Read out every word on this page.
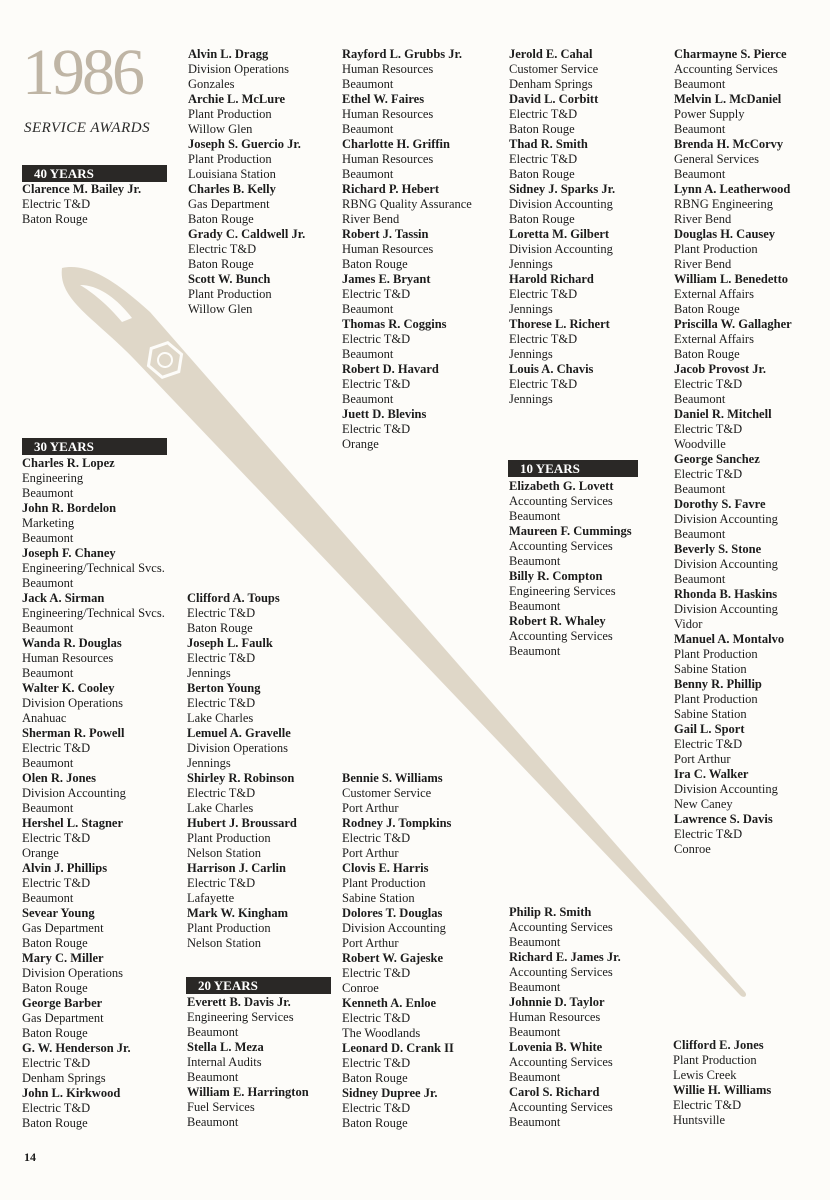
1986
SERVICE AWARDS
40 YEARS
30 YEARS
20 YEARS
10 YEARS
Clarence M. Bailey Jr.
Electric T&D
Baton Rouge
Alvin L. Dragg
Division Operations
Gonzales
Archie L. McLure
Plant Production
Willow Glen
Joseph S. Guercio Jr.
Plant Production
Louisiana Station
Charles B. Kelly
Gas Department
Baton Rouge
Grady C. Caldwell Jr.
Electric T&D
Baton Rouge
Scott W. Bunch
Plant Production
Willow Glen
Rayford L. Grubbs Jr.
Human Resources
Beaumont
Ethel W. Faires
Human Resources
Beaumont
Charlotte H. Griffin
Human Resources
Beaumont
Richard P. Hebert
RBNG Quality Assurance
River Bend
Robert J. Tassin
Human Resources
Baton Rouge
James E. Bryant
Electric T&D
Beaumont
Thomas R. Coggins
Electric T&D
Beaumont
Robert D. Havard
Electric T&D
Beaumont
Juett D. Blevins
Electric T&D
Orange
Jerold E. Cahal
Customer Service
Denham Springs
David L. Corbitt
Electric T&D
Baton Rouge
Thad R. Smith
Electric T&D
Baton Rouge
Sidney J. Sparks Jr.
Division Accounting
Baton Rouge
Loretta M. Gilbert
Division Accounting
Jennings
Harold Richard
Electric T&D
Jennings
Thorese L. Richert
Electric T&D
Jennings
Louis A. Chavis
Electric T&D
Jennings
Charmayne S. Pierce
Accounting Services
Beaumont
Melvin L. McDaniel
Power Supply
Beaumont
Brenda H. McCorvy
General Services
Beaumont
Lynn A. Leatherwood
RBNG Engineering
River Bend
Douglas H. Causey
Plant Production
River Bend
William L. Benedetto
External Affairs
Baton Rouge
Priscilla W. Gallagher
External Affairs
Baton Rouge
Jacob Provost Jr.
Electric T&D
Beaumont
Daniel R. Mitchell
Electric T&D
Woodville
George Sanchez
Electric T&D
Beaumont
Dorothy S. Favre
Division Accounting
Beaumont
Beverly S. Stone
Division Accounting
Beaumont
Rhonda B. Haskins
Division Accounting
Vidor
Manuel A. Montalvo
Plant Production
Sabine Station
Benny R. Phillip
Plant Production
Sabine Station
Gail L. Sport
Electric T&D
Port Arthur
Ira C. Walker
Division Accounting
New Caney
Lawrence S. Davis
Electric T&D
Conroe
Charles R. Lopez
Engineering
Beaumont
John R. Bordelon
Marketing
Beaumont
Joseph F. Chaney
Engineering/Technical Svcs.
Beaumont
Jack A. Sirman
Engineering/Technical Svcs.
Beaumont
Wanda R. Douglas
Human Resources
Beaumont
Walter K. Cooley
Division Operations
Anahuac
Sherman R. Powell
Electric T&D
Beaumont
Olen R. Jones
Division Accounting
Beaumont
Hershel L. Stagner
Electric T&D
Orange
Alvin J. Phillips
Electric T&D
Beaumont
Sevear Young
Gas Department
Baton Rouge
Mary C. Miller
Division Operations
Baton Rouge
George Barber
Gas Department
Baton Rouge
G. W. Henderson Jr.
Electric T&D
Denham Springs
John L. Kirkwood
Electric T&D
Baton Rouge
Clifford A. Toups
Electric T&D
Baton Rouge
Joseph L. Faulk
Electric T&D
Jennings
Berton Young
Electric T&D
Lake Charles
Lemuel A. Gravelle
Division Operations
Jennings
Shirley R. Robinson
Electric T&D
Lake Charles
Hubert J. Broussard
Plant Production
Nelson Station
Harrison J. Carlin
Electric T&D
Lafayette
Mark W. Kingham
Plant Production
Nelson Station
Everett B. Davis Jr.
Engineering Services
Beaumont
Stella L. Meza
Internal Audits
Beaumont
William E. Harrington
Fuel Services
Beaumont
Bennie S. Williams
Customer Service
Port Arthur
Rodney J. Tompkins
Electric T&D
Port Arthur
Clovis E. Harris
Plant Production
Sabine Station
Dolores T. Douglas
Division Accounting
Port Arthur
Robert W. Gajeske
Electric T&D
Conroe
Kenneth A. Enloe
Electric T&D
The Woodlands
Leonard D. Crank II
Electric T&D
Baton Rouge
Sidney Dupree Jr.
Electric T&D
Baton Rouge
Elizabeth G. Lovett
Accounting Services
Beaumont
Maureen F. Cummings
Accounting Services
Beaumont
Billy R. Compton
Engineering Services
Beaumont
Robert R. Whaley
Accounting Services
Beaumont
Philip R. Smith
Accounting Services
Beaumont
Richard E. James Jr.
Accounting Services
Beaumont
Johnnie D. Taylor
Human Resources
Beaumont
Lovenia B. White
Accounting Services
Beaumont
Carol S. Richard
Accounting Services
Beaumont
Clifford E. Jones
Plant Production
Lewis Creek
Willie H. Williams
Electric T&D
Huntsville
14
